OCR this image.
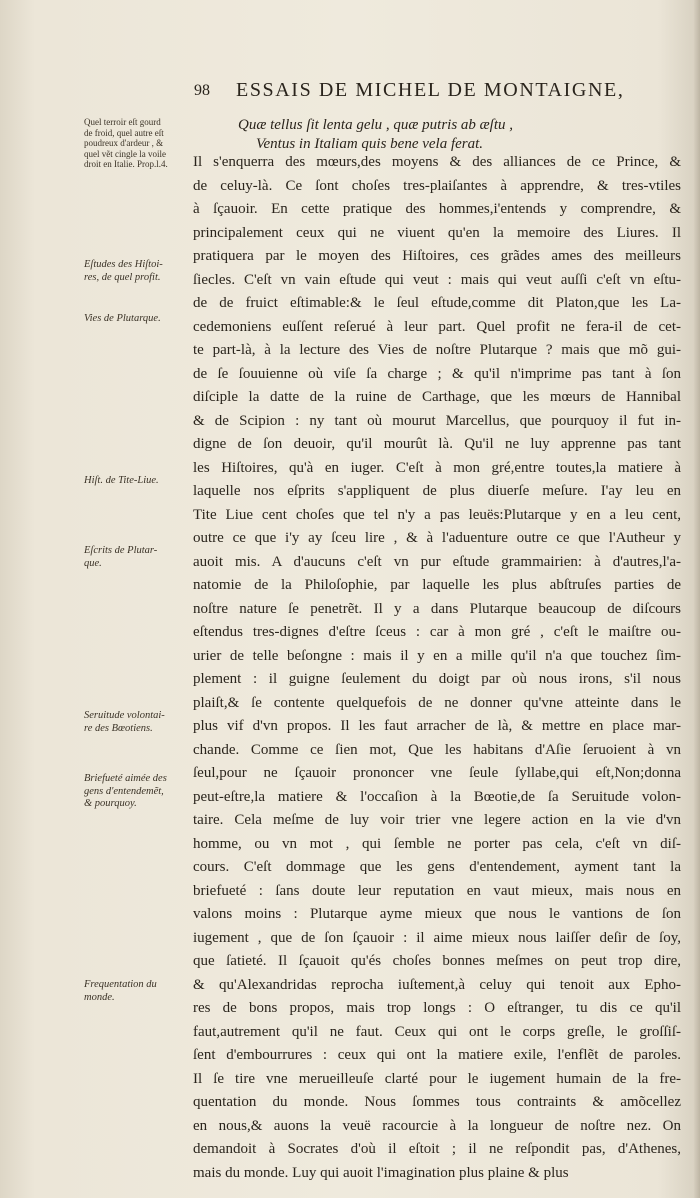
98 ESSAIS DE MICHEL DE MONTAIGNE,
Quæ tellus ſit lenta gelu , quæ putris ab æſtu ,
Ventus in Italiam quis bene vela ferat.
Quel terroir eſt gourd
de froid, quel autre eſt
poudreux d'ardeur , &
quel vẽt cingle la voile
droit en Italie. Prop.l.4.
Eſtudes des Hiſtoi-
res, de quel profit.
Vies de Plutarque.
Hiſt. de Tite-Liue.
Eſcrits de Plutar-
que.
Seruitude volontai-
re des Bœotiens.
Briefueté aimée des
gens d'entendemẽt,
& pourquoy.
Frequentation du
monde.
Il s'enquerra des mœurs,des moyens & des alliances de ce Prince, &
de celuy-là. Ce ſont choſes tres-plaiſantes à apprendre, & tres-vtiles
à ſçauoir. En cette pratique des hommes,i'entends y comprendre, &
principalement ceux qui ne viuent qu'en la memoire des Liures. Il
pratiquera par le moyen des Hiſtoires, ces grãdes ames des meilleurs
ſiecles. C'eſt vn vain eſtude qui veut : mais qui veut auſſi c'eſt vn eſtu-
de de fruict eſtimable:& le ſeul eſtude,comme dit Platon,que les La-
cedemoniens euſſent reſerué à leur part. Quel profit ne fera-il de cet-
te part-là, à la lecture des Vies de noſtre Plutarque ? mais que mõ gui-
de ſe ſouuienne où viſe ſa charge ; & qu'il n'imprime pas tant à ſon
diſciple la datte de la ruine de Carthage, que les mœurs de Hannibal
& de Scipion : ny tant où mourut Marcellus, que pourquoy il fut in-
digne de ſon deuoir, qu'il mourût là. Qu'il ne luy apprenne pas tant
les Hiſtoires, qu'à en iuger. C'eſt à mon gré,entre toutes,la matiere à
laquelle nos eſprits s'appliquent de plus diuerſe meſure. I'ay leu en
Tite Liue cent choſes que tel n'y a pas leuës:Plutarque y en a leu cent,
outre ce que i'y ay ſceu lire , & à l'aduenture outre ce que l'Autheur y
auoit mis. A d'aucuns c'eſt vn pur eſtude grammairien: à d'autres,l'a-
natomie de la Philoſophie, par laquelle les plus abſtruſes parties de
noſtre nature ſe penetrẽt. Il y a dans Plutarque beaucoup de diſcours
eſtendus tres-dignes d'eſtre ſceus : car à mon gré , c'eſt le maiſtre ou-
urier de telle beſongne : mais il y en a mille qu'il n'a que touchez ſim-
plement : il guigne ſeulement du doigt par où nous irons, s'il nous
plaiſt,& ſe contente quelquefois de ne donner qu'vne atteinte dans le
plus vif d'vn propos. Il les faut arracher de là, & mettre en place mar-
chande. Comme ce ſien mot, Que les habitans d'Aſie ſeruoient à vn
ſeul,pour ne ſçauoir prononcer vne ſeule ſyllabe,qui eſt,Non;donna
peut-eſtre,la matiere & l'occaſion à la Bœotie,de ſa Seruitude volon-
taire. Cela meſme de luy voir trier vne legere action en la vie d'vn
homme, ou vn mot , qui ſemble ne porter pas cela, c'eſt vn diſ-
cours. C'eſt dommage que les gens d'entendement, ayment tant la
briefueté : ſans doute leur reputation en vaut mieux, mais nous en
valons moins : Plutarque ayme mieux que nous le vantions de ſon
iugement , que de ſon ſçauoir : il aime mieux nous laiſſer deſir de ſoy,
que ſatieté. Il ſçauoit qu'és choſes bonnes meſmes on peut trop dire,
& qu'Alexandridas reprocha iuſtement,à celuy qui tenoit aux Epho-
res de bons propos, mais trop longs : O eſtranger, tu dis ce qu'il
faut,autrement qu'il ne faut. Ceux qui ont le corps greſle, le groſſiſ-
ſent d'embourrures : ceux qui ont la matiere exile, l'enflẽt de paroles.
Il ſe tire vne merueilleuſe clarté pour le iugement humain de la fre-
quentation du monde. Nous ſommes tous contraints & amõcellez
en nous,& auons la veuë racourcie à la longueur de noſtre nez. On
demandoit à Socrates d'où il eſtoit ; il ne reſpondit pas, d'Athenes,
mais du monde. Luy qui auoit l'imagination plus plaine & plus
